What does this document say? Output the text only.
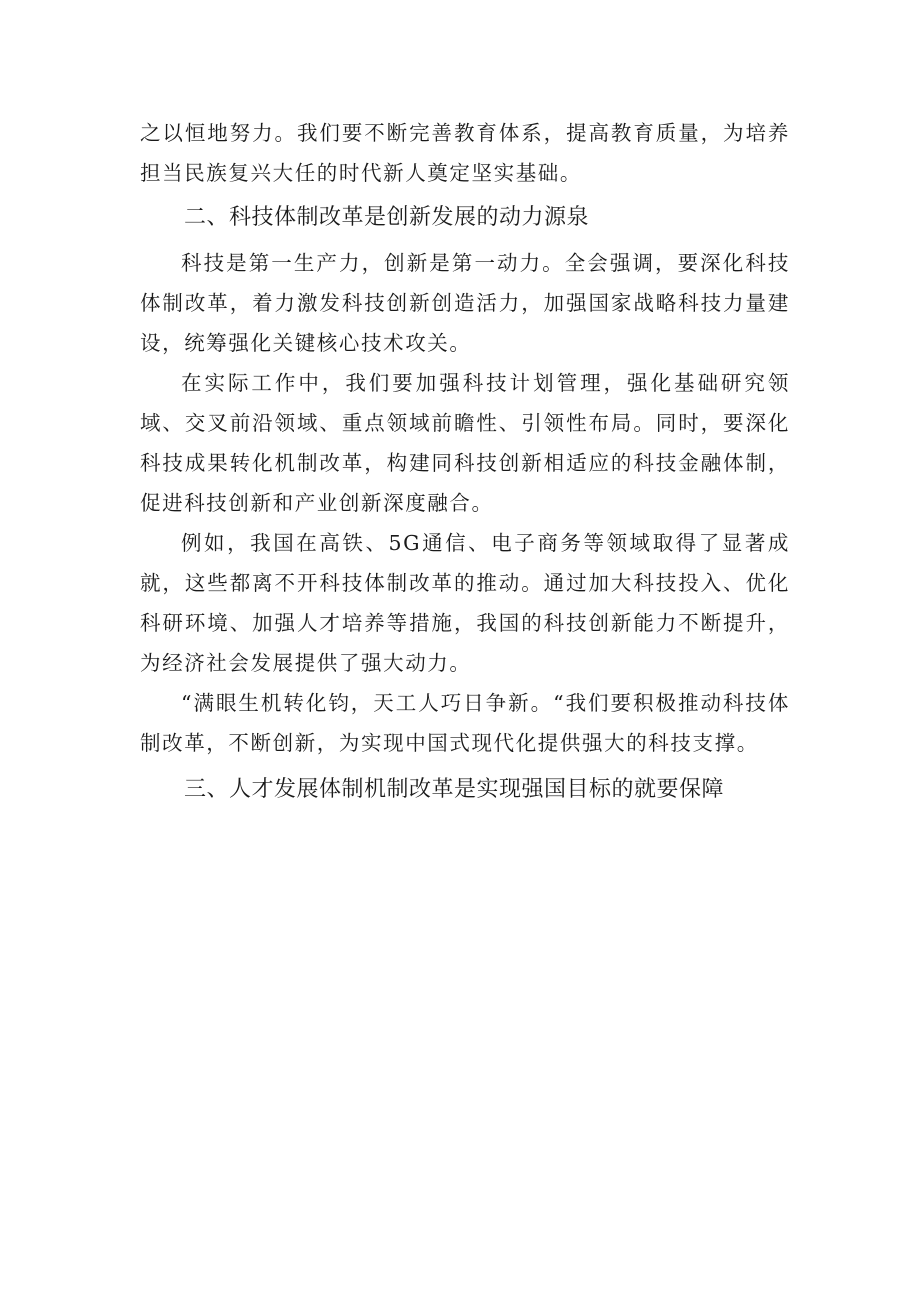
之以恒地努力。我们要不断完善教育体系，提高教育质量，为培养担当民族复兴大任的时代新人奠定坚实基础。

二、科技体制改革是创新发展的动力源泉

科技是第一生产力，创新是第一动力。全会强调，要深化科技体制改革，着力激发科技创新创造活力，加强国家战略科技力量建设，统筹强化关键核心技术攻关。

在实际工作中，我们要加强科技计划管理，强化基础研究领域、交叉前沿领域、重点领域前瞻性、引领性布局。同时，要深化科技成果转化机制改革，构建同科技创新相适应的科技金融体制，促进科技创新和产业创新深度融合。

例如，我国在高铁、5G通信、电子商务等领域取得了显著成就，这些都离不开科技体制改革的推动。通过加大科技投入、优化科研环境、加强人才培养等措施，我国的科技创新能力不断提升，为经济社会发展提供了强大动力。

“满眼生机转化钧，天工人巧日争新。“我们要积极推动科技体制改革，不断创新，为实现中国式现代化提供强大的科技支撑。

三、人才发展体制机制改革是实现强国目标的就要保障
